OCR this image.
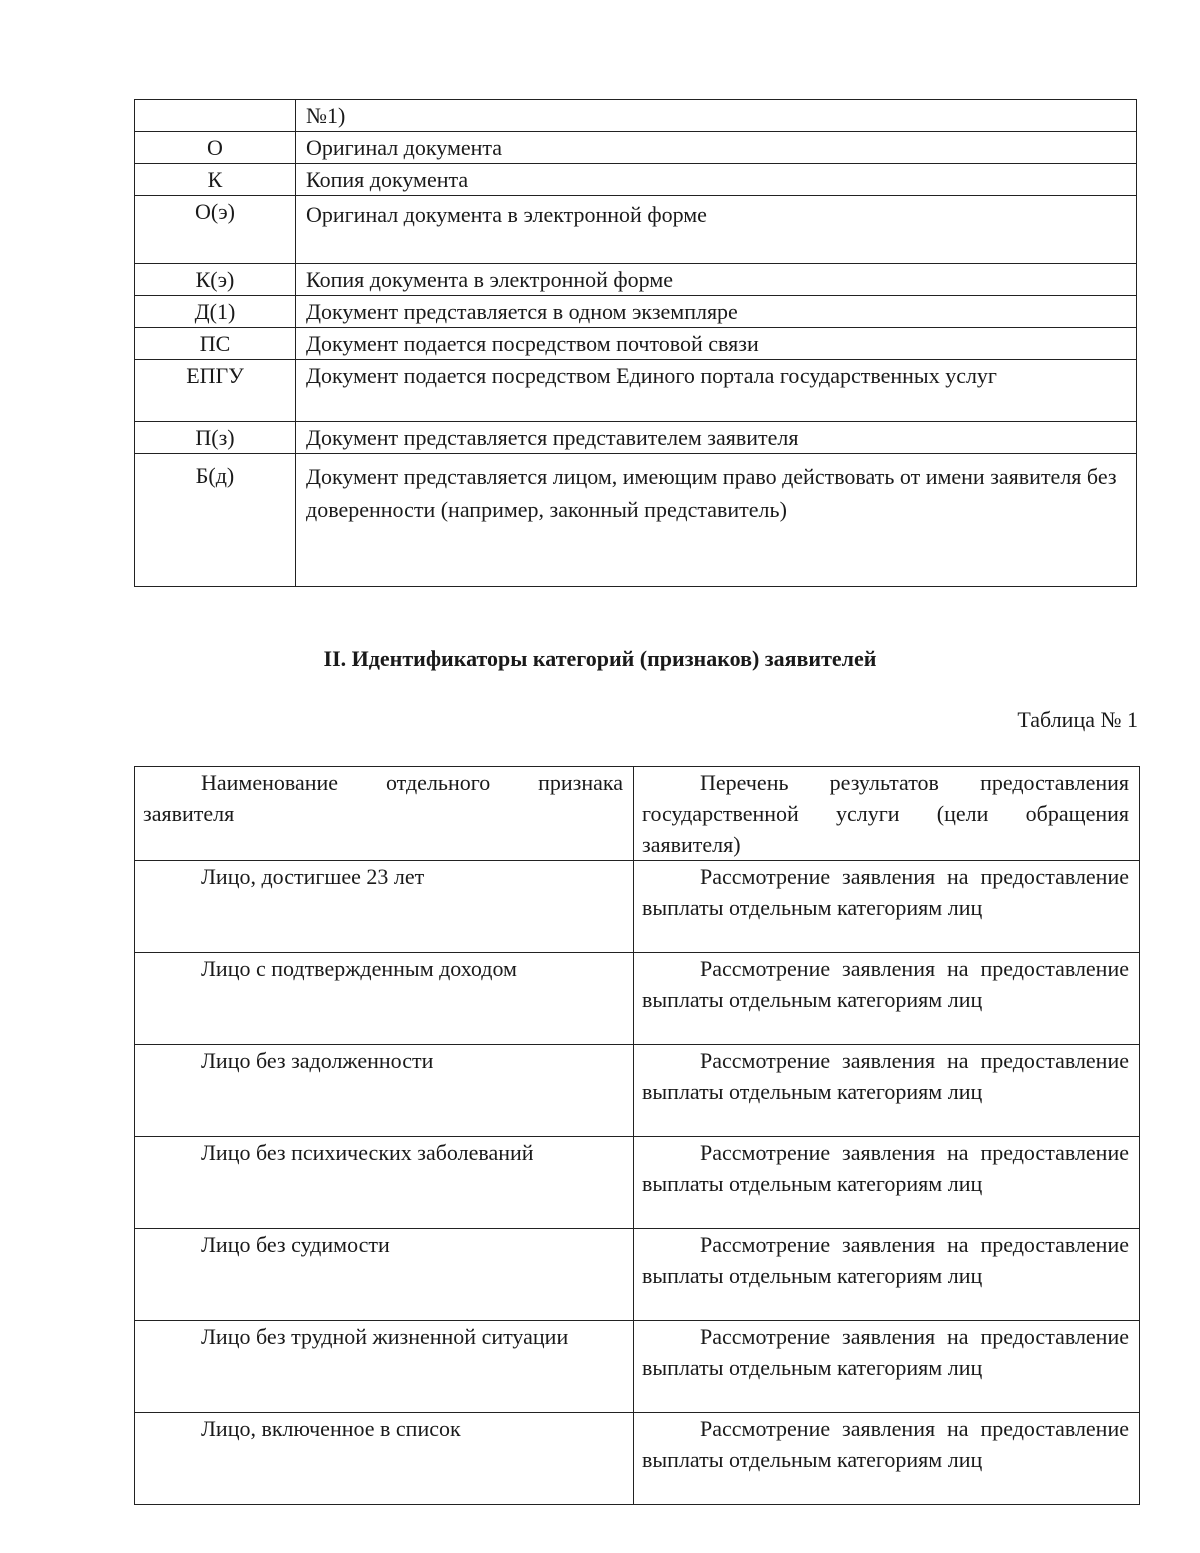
	№1)
О	Оригинал документа
К	Копия документа
О(э)	Оригинал документа в электронной форме
К(э)	Копия документа в электронной форме
Д(1)	Документ представляется в одном экземпляре
ПС	Документ подается посредством почтовой связи
ЕПГУ	Документ подается посредством Единого портала государственных услуг
П(з)	Документ представляется представителем заявителя
Б(д)	Документ представляется лицом, имеющим право действовать от имени заявителя без доверенности (например, законный представитель)
II. Идентификаторы категорий (признаков) заявителей
Таблица № 1
Наименование отдельного признака заявителя	Перечень результатов предоставления государственной услуги (цели обращения заявителя)
Лицо, достигшее 23 лет	Рассмотрение заявления на предоставление выплаты отдельным категориям лиц
Лицо с подтвержденным доходом	Рассмотрение заявления на предоставление выплаты отдельным категориям лиц
Лицо без задолженности	Рассмотрение заявления на предоставление выплаты отдельным категориям лиц
Лицо без психических заболеваний	Рассмотрение заявления на предоставление выплаты отдельным категориям лиц
Лицо без судимости	Рассмотрение заявления на предоставление выплаты отдельным категориям лиц
Лицо без трудной жизненной ситуации	Рассмотрение заявления на предоставление выплаты отдельным категориям лиц
Лицо, включенное в список	Рассмотрение заявления на предоставление выплаты отдельным категориям лиц
